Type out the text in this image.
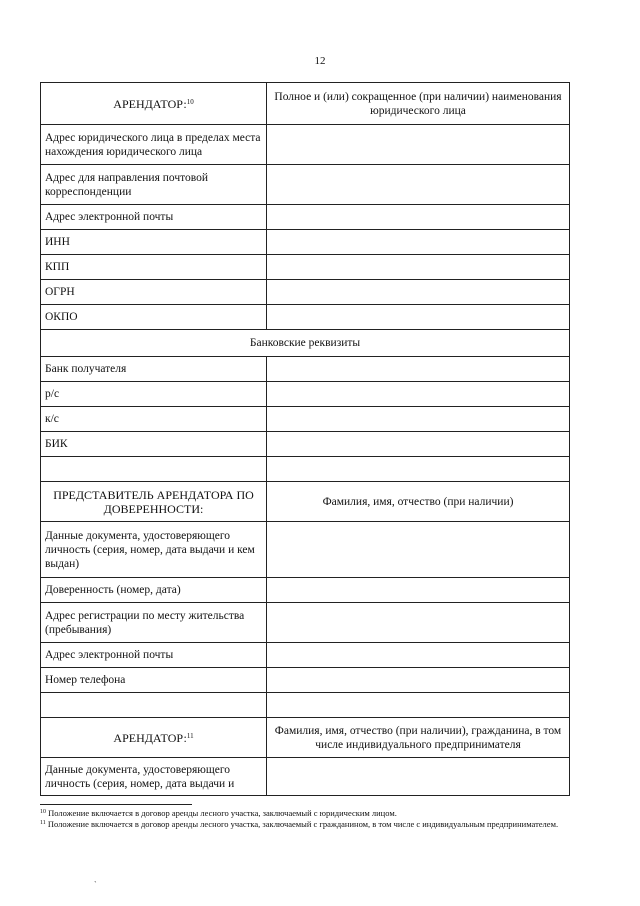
12
АРЕНДАТОР:$^{10}$	Полное и (или) сокращенное (при наличии) наименования юридического лица
Адрес юридического лица в пределах места нахождения юридического лица	
Адрес для направления почтовой корреспонденции	
Адрес электронной почты	
ИНН	
КПП	
ОГРН	
ОКПО	
Банковские реквизиты	
Банк получателя	
р/с	
к/с	
БИК	

ПРЕДСТАВИТЕЛЬ АРЕНДАТОРА ПО ДОВЕРЕННОСТИ:	Фамилия, имя, отчество (при наличии)
Данные документа, удостоверяющего личность (серия, номер, дата выдачи и кем выдан)	
Доверенность (номер, дата)	
Адрес регистрации по месту жительства (пребывания)	
Адрес электронной почты	
Номер телефона	

АРЕНДАТОР:$^{11}$	Фамилия, имя, отчество (при наличии), гражданина, в том числе индивидуального предпринимателя
Данные документа, удостоверяющего личность (серия, номер, дата выдачи и	
$^{10}$ Положение включается в договор аренды лесного участка, заключаемый с юридическим лицом.
$^{11}$ Положение включается в договор аренды лесного участка, заключаемый с гражданином, в том числе с индивидуальным предпринимателем.
`
